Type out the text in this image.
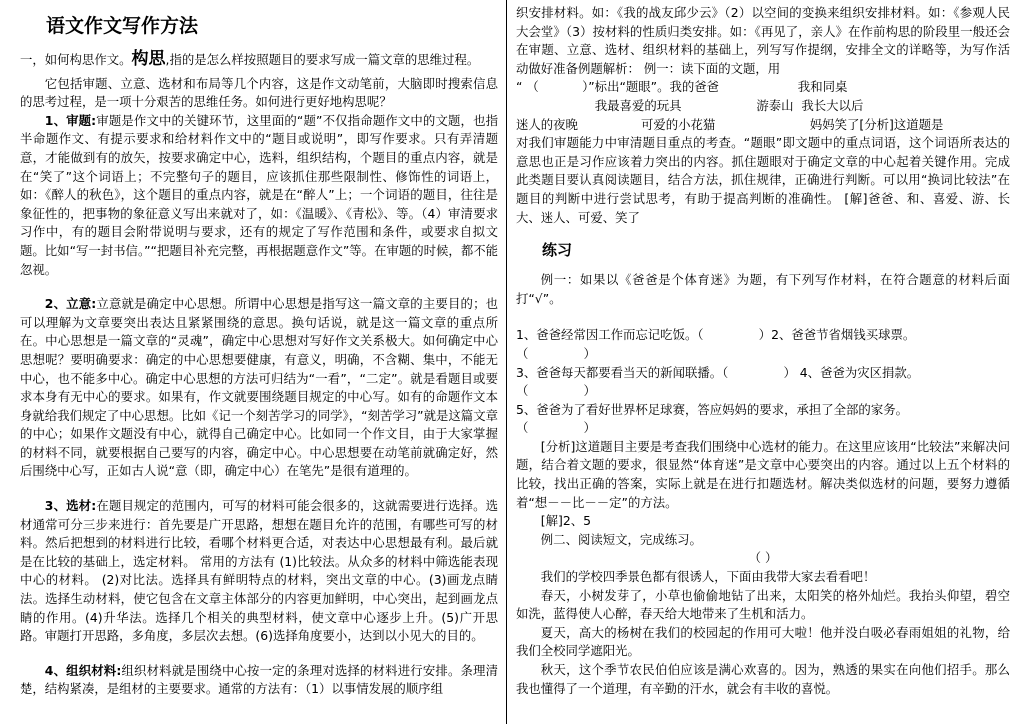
语文作文写作方法

一，如何构思作文。构思,指的是怎么样按照题目的要求写成一篇文章的思维过程。

它包括审题、立意、选材和布局等几个内容，这是作文动笔前，大脑即时搜索信息的思考过程，是一项十分艰苦的思维任务。如何进行更好地构思呢？

1、审题:审题是作文中的关键环节，这里面的“题”不仅指命题作文中的文题，也指半命题作文、有提示要求和给材料作文中的“题目或说明”，即写作要求。只有弄清题意，才能做到有的放矢，按要求确定中心，选料，组织结构，个题目的重点内容，就是在“笑了”这个词语上；不完整句子的题目，应该抓住那些限制性、修饰性的词语上，如：《醉人的秋色》，这个题目的重点内容，就是在“醉人”上；一个词语的题目，往往是象征性的，把事物的象征意义写出来就对了，如：《温暖》、《青松》、等。（4）审清要求习作中，有的题目会附带说明与要求，还有的规定了写作范围和条件，或要求自拟文题。比如“写一封书信。”“把题目补充完整，再根据题意作文”等。在审题的时候，都不能忽视。

2、立意:立意就是确定中心思想。所谓中心思想是指写这一篇文章的主要目的；也可以理解为文章要突出表达且紧紧围绕的意思。换句话说，就是这一篇文章的重点所在。中心思想是一篇文章的“灵魂”，确定中心思想对写好作文关系极大。如何确定中心思想呢？要明确要求：确定的中心思想要健康，有意义，明确，不含糊、集中，不能无中心，也不能多中心。确定中心思想的方法可归结为“一看”，“二定”。就是看题目或要求本身有无中心的要求。如果有，作文就要围绕题目规定的中心写。如有的命题作文本身就给我们规定了中心思想。比如《记一个刻苦学习的同学》，“刻苦学习”就是这篇文章的中心；如果作文题没有中心，就得自己确定中心。比如同一个作文目，由于大家掌握的材料不同，就要根据自己要写的内容，确定中心。中心思想要在动笔前就确定好，然后围绕中心写，正如古人说“意（即，确定中心）在笔先”是很有道理的。

3、选材:在题目规定的范围内，可写的材料可能会很多的，这就需要进行选择。选材通常可分三步来进行：首先要是广开思路，想想在题目允许的范围，有哪些可写的材料。然后把想到的材料进行比较，看哪个材料更合适，对表达中心思想最有利。最后就是在比较的基础上，选定材料。 常用的方法有 (1)比较法。从众多的材料中筛选能表现中心的材料。 (2)对比法。选择具有鲜明特点的材料，突出文章的中心。(3)画龙点睛法。选择生动材料，使它包含在文章主体部分的内容更加鲜明，中心突出，起到画龙点睛的作用。(4)升华法。选择几个相关的典型材料，使文章中心逐步上升。(5)广开思路。审题打开思路，多角度，多层次去想。(6)选择角度要小，达到以小见大的目的。

4、组织材料:组织材料就是围绕中心按一定的条理对选择的材料进行安排。条理清楚，结构紧凑，是组材的主要要求。通常的方法有：（1）以事情发展的顺序组

织安排材料。如：《我的战友邱少云》（2）以空间的变换来组织安排材料。如：《参观人民大会堂》（3）按材料的性质归类安排。如：《再见了，亲人》在作前构思的阶段里一般还会在审题、立意、选材、组织材料的基础上，列写写作提纲，安排全文的详略等，为写作活动做好准备例题解析： 例一：读下面的文题，用

“ （           ）”标出“题眼”。我的爸爸                    我和同桌
我最喜爱的玩具                   游泰山  我长大以后
迷人的夜晚                可爱的小花猫                        妈妈笑了[分析]这道题是

对我们审题能力中审清题目重点的考查。“题眼”即文题中的重点词语，这个词语所表达的意思也正是习作应该着力突出的内容。抓住题眼对于确定文章的中心起着关键作用。完成此类题目要认真阅读题目，结合方法，抓住规律，正确进行判断。可以用“换词比较法”在题目的判断中进行尝试思考，有助于提高判断的准确性。 [解]爸爸、和、喜爱、游、长大、迷人、可爱、笑了

练习

例一：如果以《爸爸是个体育迷》为题，有下列写作材料，在符合题意的材料后面打“√”。

1、爸爸经常因工作而忘记吃饭。（              ）2、爸爸节省烟钱买球票。
（              ）
3、爸爸每天都要看当天的新闻联播。（              ） 4、爸爸为灾区捐款。
（              ）
5、爸爸为了看好世界杯足球赛，答应妈妈的要求，承担了全部的家务。
（              ）

[分析]这道题目主要是考查我们围绕中心选材的能力。在这里应该用“比较法”来解决问题，结合着文题的要求，很显然“体育迷”是文章中心要突出的内容。通过以上五个材料的比较，找出正确的答案，实际上就是在进行扣题选材。解决类似选材的问题，要努力遵循着“想－－比－－定”的方法。

[解]2、5

例二、阅读短文，完成练习。

（ ）

我们的学校四季景色都有很诱人，下面由我带大家去看看吧！

春天，小树发芽了，小草也偷偷地钻了出来，太阳笑的格外灿烂。我抬头仰望，碧空如洗，蓝得使人心醉，春天给大地带来了生机和活力。

夏天，高大的杨树在我们的校园起的作用可大啦！他并没白吸必春雨姐姐的礼物，给我们全校同学遮阳光。

秋天，这个季节农民伯伯应该是满心欢喜的。因为，熟透的果实在向他们招手。那么我也懂得了一个道理，有辛勤的汗水，就会有丰收的喜悦。
